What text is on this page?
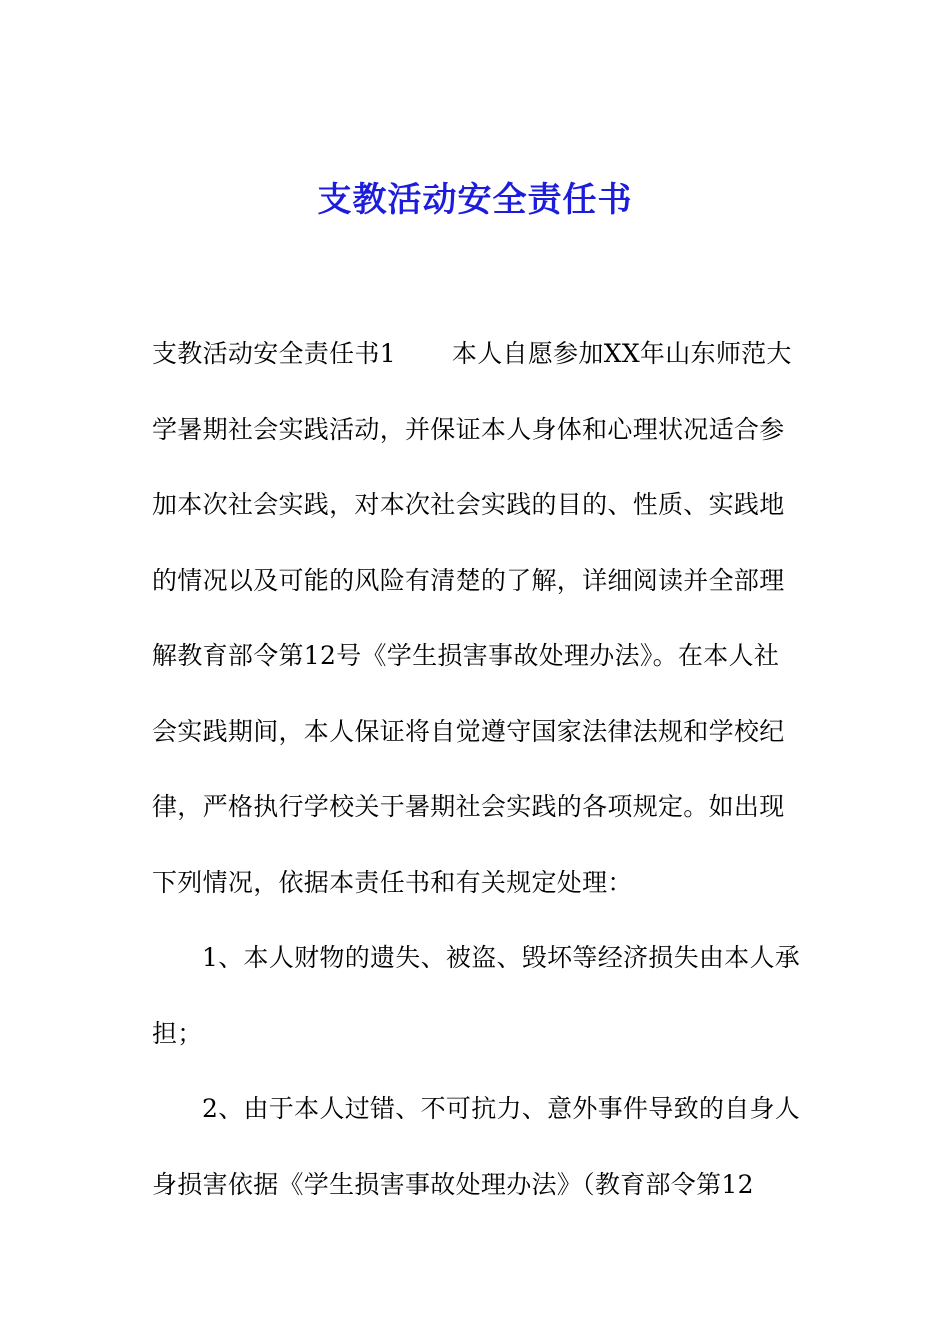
支教活动安全责任书
支教活动安全责任书1 本人自愿参加XX年山东师范大
学暑期社会实践活动，并保证本人身体和心理状况适合参
加本次社会实践，对本次社会实践的目的、性质、实践地
的情况以及可能的风险有清楚的了解，详细阅读并全部理
解教育部令第12号《学生损害事故处理办法》。在本人社
会实践期间，本人保证将自觉遵守国家法律法规和学校纪
律，严格执行学校关于暑期社会实践的各项规定。如出现
下列情况，依据本责任书和有关规定处理：
1、本人财物的遗失、被盗、毁坏等经济损失由本人承
担；
2、由于本人过错、不可抗力、意外事件导致的自身人
身损害依据《学生损害事故处理办法》（教育部令第12
